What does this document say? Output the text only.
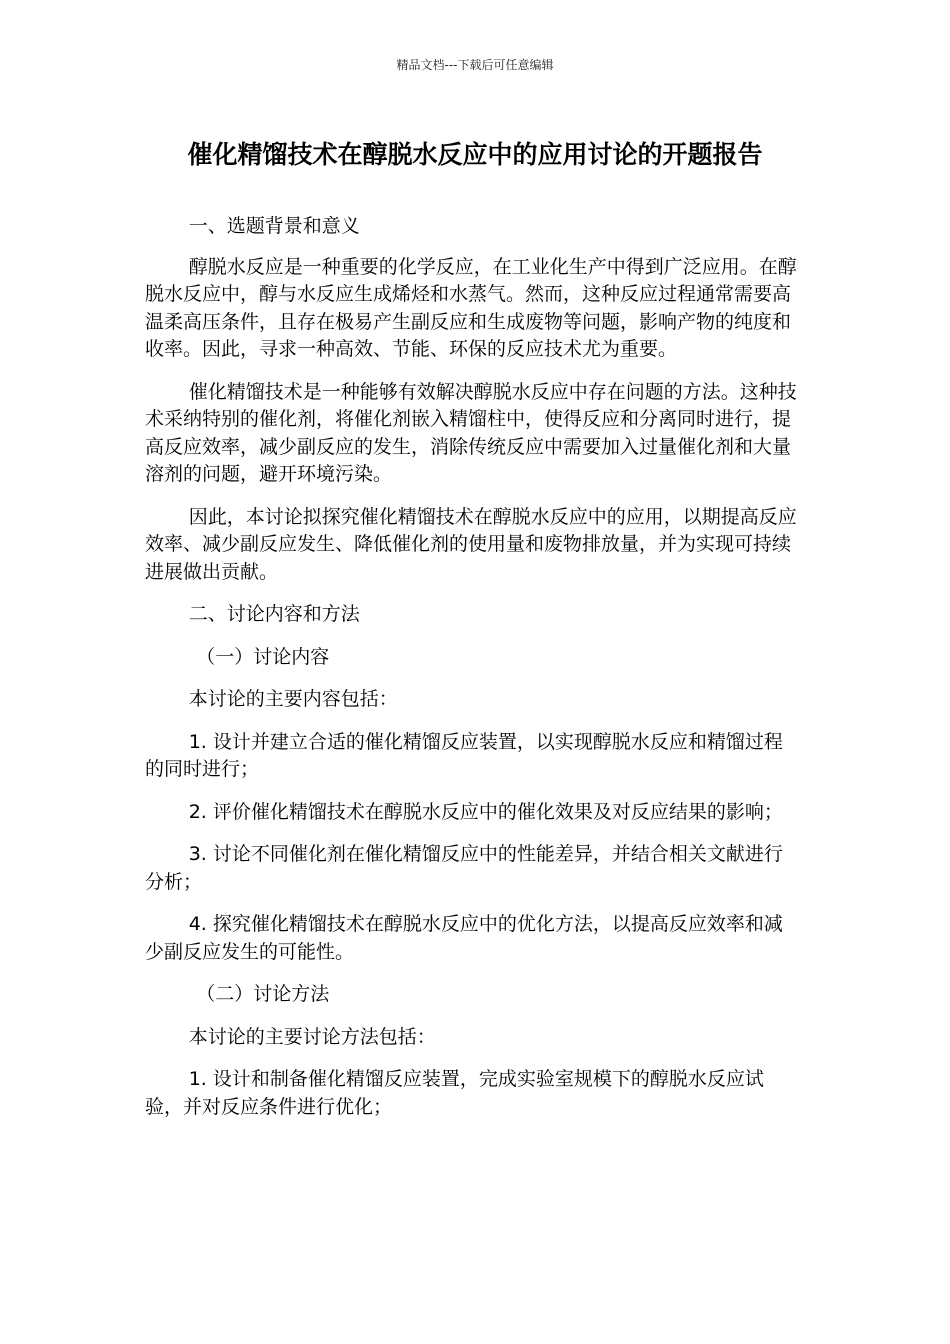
精品文档---下载后可任意编辑
催化精馏技术在醇脱水反应中的应用讨论的开题报告

一、选题背景和意义

醇脱水反应是一种重要的化学反应，在工业化生产中得到广泛应用。在醇脱水反应中，醇与水反应生成烯烃和水蒸气。然而，这种反应过程通常需要高温柔高压条件，且存在极易产生副反应和生成废物等问题，影响产物的纯度和收率。因此，寻求一种高效、节能、环保的反应技术尤为重要。

催化精馏技术是一种能够有效解决醇脱水反应中存在问题的方法。这种技术采纳特别的催化剂，将催化剂嵌入精馏柱中，使得反应和分离同时进行，提高反应效率，减少副反应的发生，消除传统反应中需要加入过量催化剂和大量溶剂的问题，避开环境污染。

因此，本讨论拟探究催化精馏技术在醇脱水反应中的应用，以期提高反应效率、减少副反应发生、降低催化剂的使用量和废物排放量，并为实现可持续进展做出贡献。

二、讨论内容和方法

（一）讨论内容

本讨论的主要内容包括：

1. 设计并建立合适的催化精馏反应装置，以实现醇脱水反应和精馏过程的同时进行；

2. 评价催化精馏技术在醇脱水反应中的催化效果及对反应结果的影响；

3. 讨论不同催化剂在催化精馏反应中的性能差异，并结合相关文献进行分析；

4. 探究催化精馏技术在醇脱水反应中的优化方法，以提高反应效率和减少副反应发生的可能性。

（二）讨论方法

本讨论的主要讨论方法包括：

1. 设计和制备催化精馏反应装置，完成实验室规模下的醇脱水反应试验，并对反应条件进行优化；
